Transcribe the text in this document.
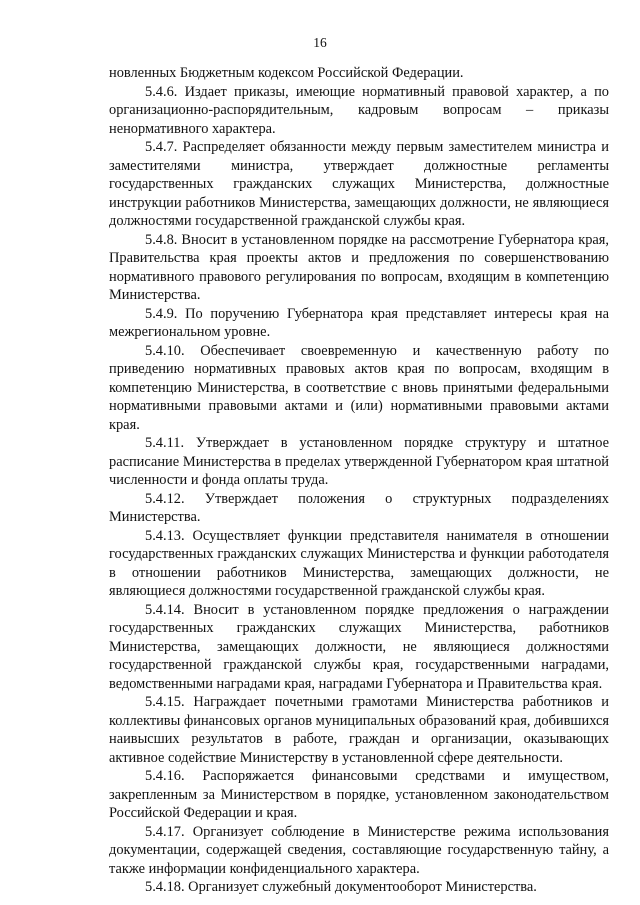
16

новленных Бюджетным кодексом Российской Федерации.

5.4.6. Издает приказы, имеющие нормативный правовой характер, а по организационно-распорядительным, кадровым вопросам – приказы ненормативного характера.

5.4.7. Распределяет обязанности между первым заместителем министра и заместителями министра, утверждает должностные регламенты государственных гражданских служащих Министерства, должностные инструкции работников Министерства, замещающих должности, не являющиеся должностями государственной гражданской службы края.

5.4.8. Вносит в установленном порядке на рассмотрение Губернатора края, Правительства края проекты актов и предложения по совершенствованию нормативного правового регулирования по вопросам, входящим в компетенцию Министерства.

5.4.9. По поручению Губернатора края представляет интересы края на межрегиональном уровне.

5.4.10. Обеспечивает своевременную и качественную работу по приведению нормативных правовых актов края по вопросам, входящим в компетенцию Министерства, в соответствие с вновь принятыми федеральными нормативными правовыми актами и (или) нормативными правовыми актами края.

5.4.11. Утверждает в установленном порядке структуру и штатное расписание Министерства в пределах утвержденной Губернатором края штатной численности и фонда оплаты труда.

5.4.12. Утверждает положения о структурных подразделениях Министерства.

5.4.13. Осуществляет функции представителя нанимателя в отношении государственных гражданских служащих Министерства и функции работодателя в отношении работников Министерства, замещающих должности, не являющиеся должностями государственной гражданской службы края.

5.4.14. Вносит в установленном порядке предложения о награждении государственных гражданских служащих Министерства, работников Министерства, замещающих должности, не являющиеся должностями государственной гражданской службы края, государственными наградами, ведомственными наградами края, наградами Губернатора и Правительства края.

5.4.15. Награждает почетными грамотами Министерства работников и коллективы финансовых органов муниципальных образований края, добившихся наивысших результатов в работе, граждан и организации, оказывающих активное содействие Министерству в установленной сфере деятельности.

5.4.16. Распоряжается финансовыми средствами и имуществом, закрепленным за Министерством в порядке, установленном законодательством Российской Федерации и края.

5.4.17. Организует соблюдение в Министерстве режима использования документации, содержащей сведения, составляющие государственную тайну, а также информации конфиденциального характера.

5.4.18. Организует служебный документооборот Министерства.
